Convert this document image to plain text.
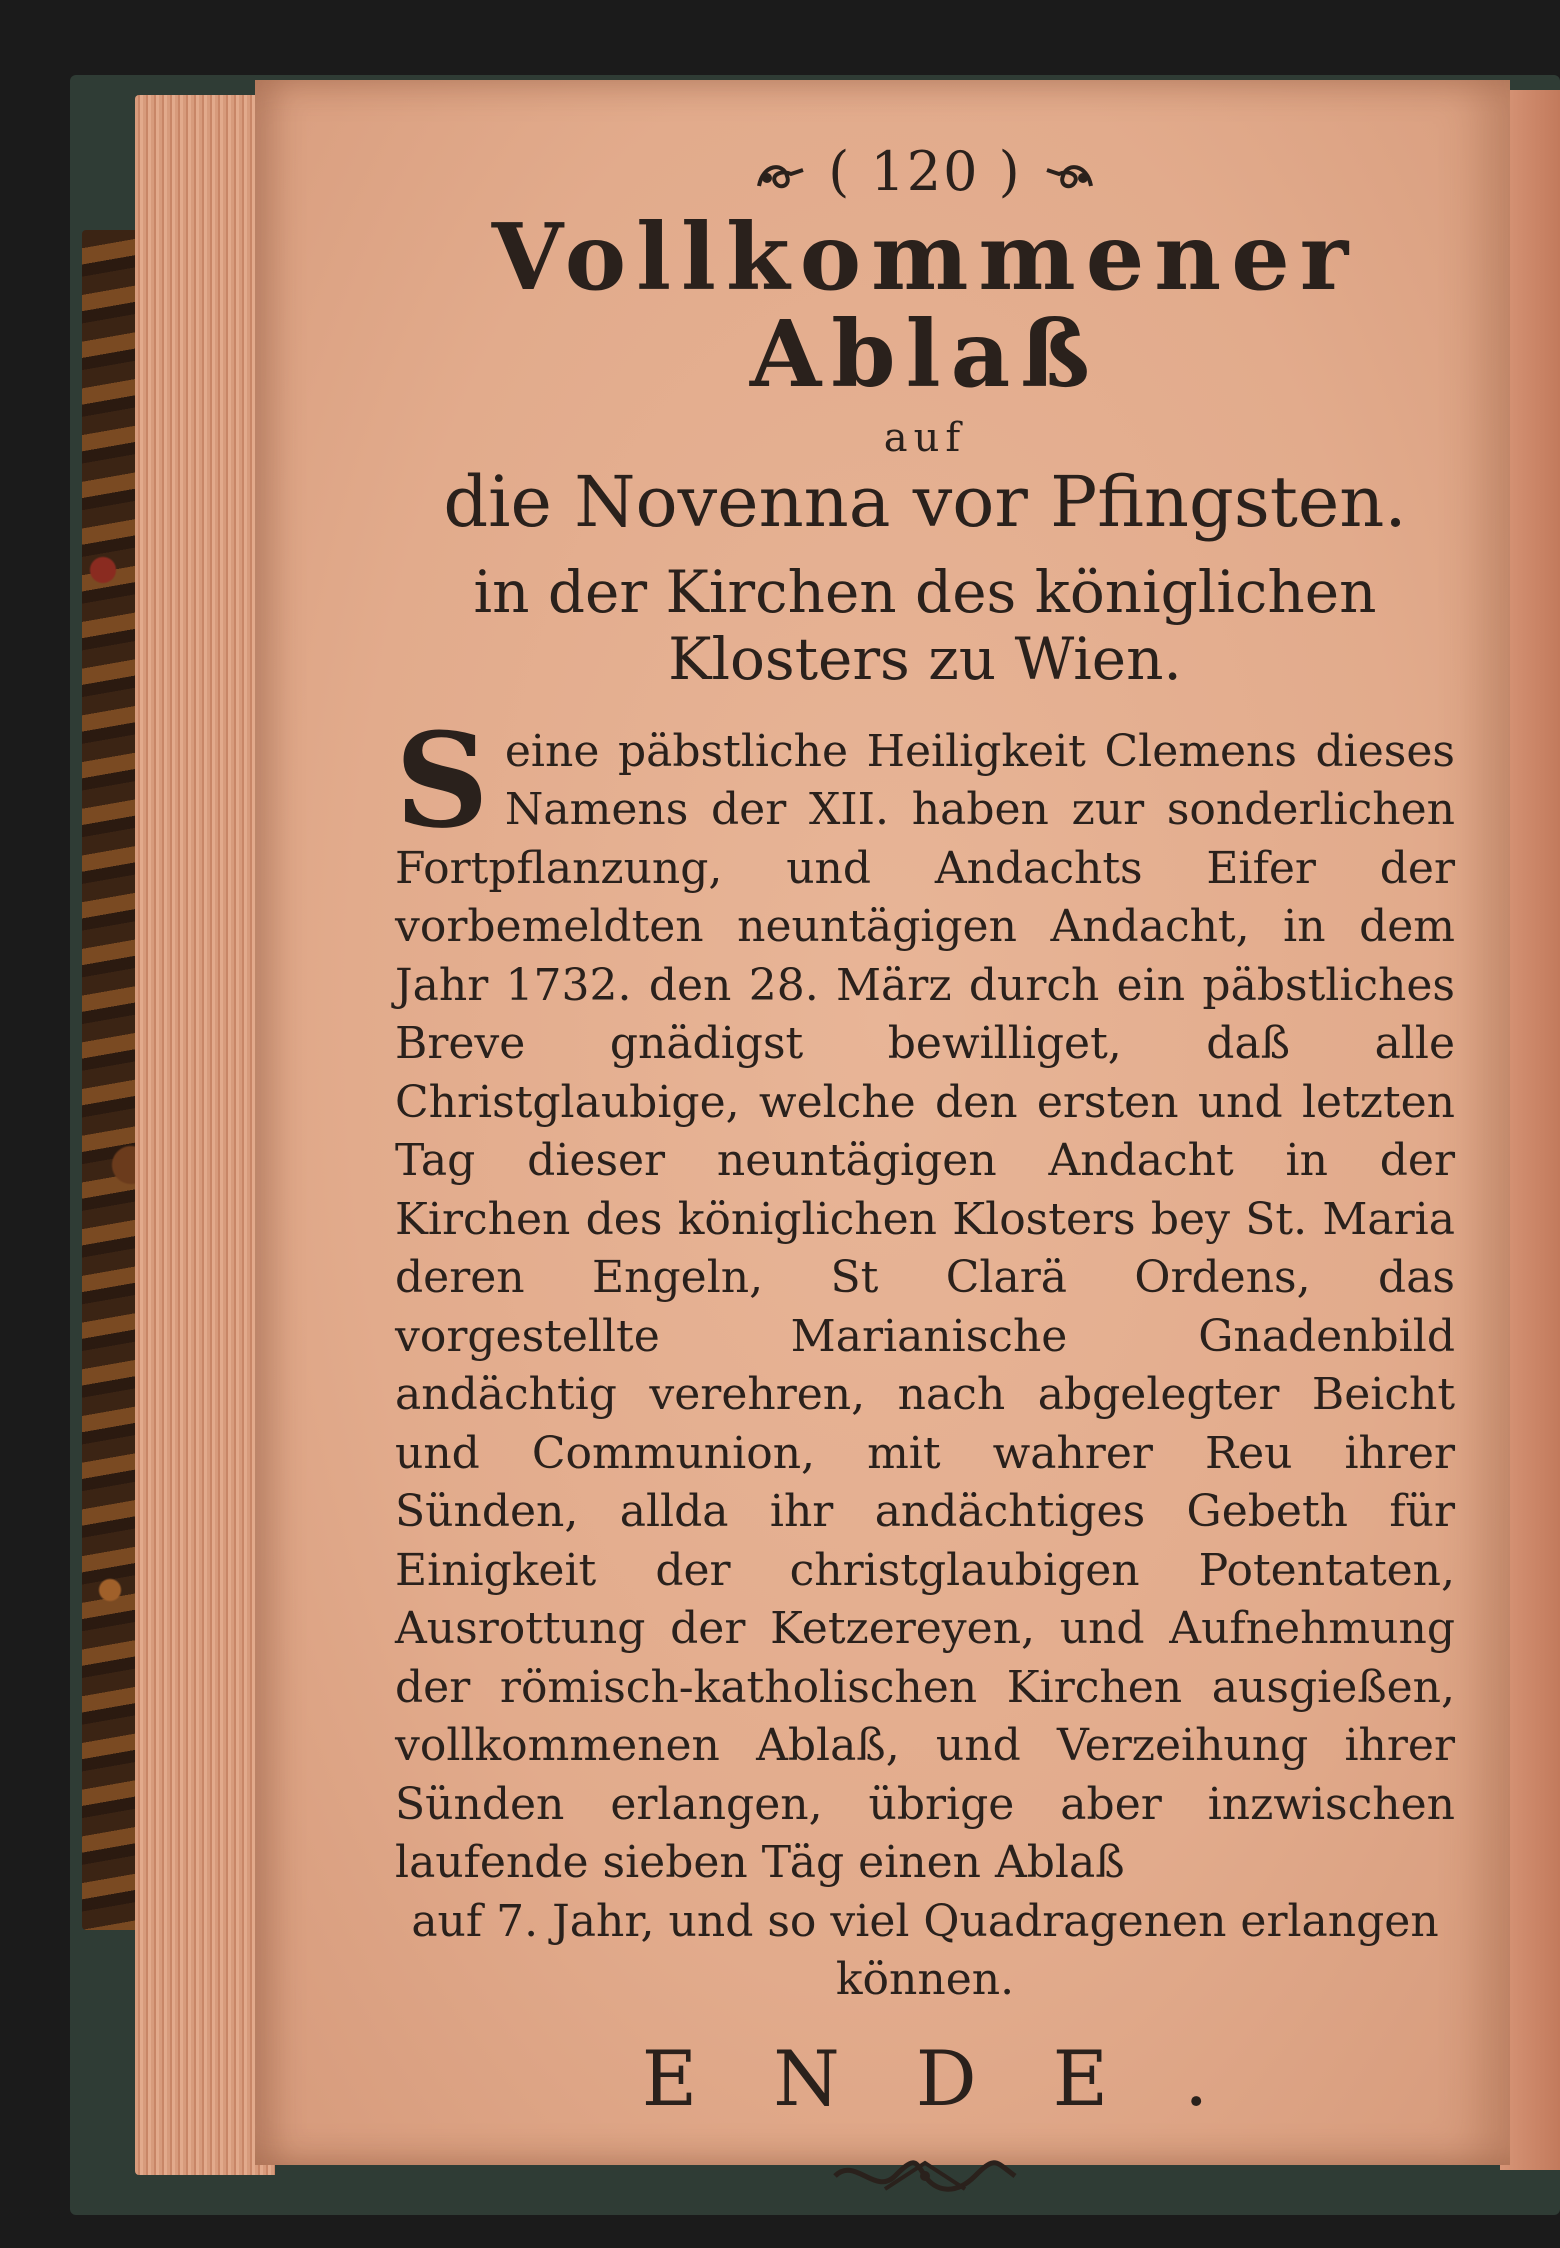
( 120 )
Vollkommener Ablaß
auf
die Novenna vor Pfingsten.
in der Kirchen des königlichen Klosters zu Wien.
Seine päbstliche Heiligkeit Clemens dieses Namens der XII. haben zur sonderlichen Fortpflanzung, und Andachts Eifer der vorbemeldten neuntägigen Andacht, in dem Jahr 1732. den 28. März durch ein päbstliches Breve gnädigst bewilliget, daß alle Christglaubige, welche den ersten und letzten Tag dieser neuntägigen Andacht in der Kirchen des königlichen Klosters bey St. Maria deren Engeln, St Clarä Ordens, das vorgestellte Marianische Gnadenbild andächtig verehren, nach abgelegter Beicht und Communion, mit wahrer Reu ihrer Sünden, allda ihr andächtiges Gebeth für Einigkeit der christglaubigen Potentaten, Ausrottung der Ketzereyen, und Aufnehmung der römisch-katholischen Kirchen ausgießen, vollkommenen Ablaß, und Verzeihung ihrer Sünden erlangen, übrige aber inzwischen laufende sieben Täg einen Ablaß
auf 7. Jahr, und so viel Quadragenen erlangen können.
ENDE.
